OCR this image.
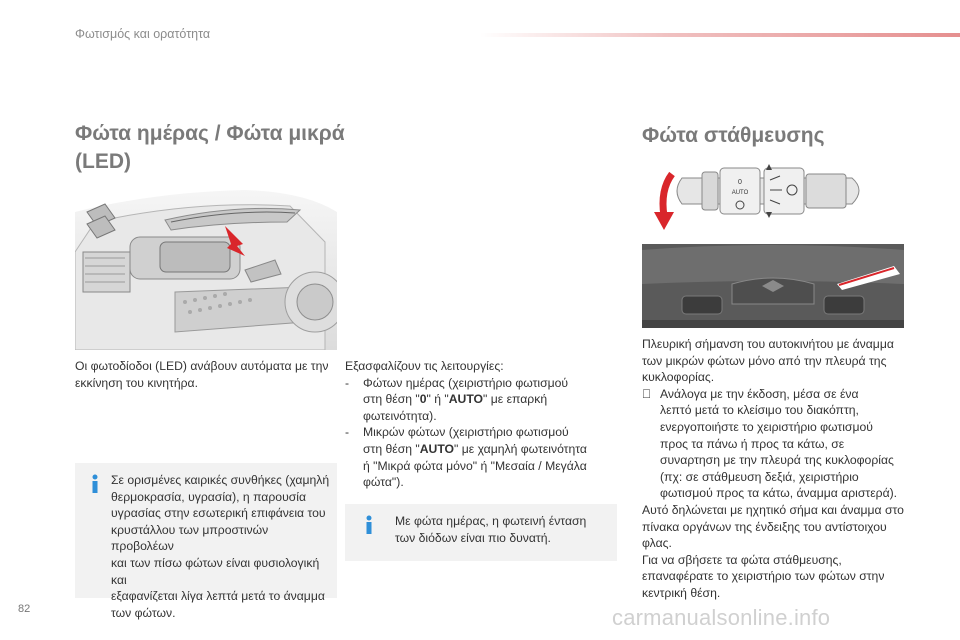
Φωτισμός και ορατότητα
Φώτα ημέρας / Φώτα μικρά
(LED)
Οι φωτοδίοδοι (LED) ανάβουν αυτόματα με την εκκίνηση του κινητήρα.
Σε ορισμένες καιρικές συνθήκες (χαμηλή
θερμοκρασία, υγρασία), η παρουσία
υγρασίας στην εσωτερική επιφάνεια του
κρυστάλλου των μπροστινών προβολέων
και των πίσω φώτων είναι φυσιολογική και
εξαφανίζεται λίγα λεπτά μετά το άναμμα
των φώτων.
Εξασφαλίζουν τις λειτουργίες:
-	Φώτων ημέρας (χειριστήριο φωτισμού
στη θέση "0" ή "AUTO" με επαρκή
φωτεινότητα).
-	Μικρών φώτων (χειριστήριο φωτισμού
στη θέση "AUTO" με χαμηλή φωτεινότητα
ή "Μικρά φώτα μόνο" ή "Μεσαία / Μεγάλα
φώτα").
Με φώτα ημέρας, η φωτεινή ένταση
των διόδων είναι πιο δυνατή.
Φώτα στάθμευσης
0
AUTO
Πλευρική σήμανση του αυτοκινήτου με άναμμα
των μικρών φώτων μόνο από την πλευρά της
κυκλοφορίας.
Ανάλογα με την έκδοση, μέσα σε ένα
λεπτό μετά το κλείσιμο του διακόπτη,
ενεργοποιήστε το χειριστήριο φωτισμού
προς τα πάνω ή προς τα κάτω, σε
συναρτηση με την πλευρά της κυκλοφορίας
(πχ: σε στάθμευση δεξιά, χειριστήριο
φωτισμού προς τα κάτω, άναμμα αριστερά).
Αυτό δηλώνεται με ηχητικό σήμα και άναμμα στο
πίνακα οργάνων της ένδειξης του αντίστοιχου
φλας.
Για να σβήσετε τα φώτα στάθμευσης,
επαναφέρατε το χειριστήριο των φώτων στην
κεντρική θέση.
82	carmanualsonline.info
